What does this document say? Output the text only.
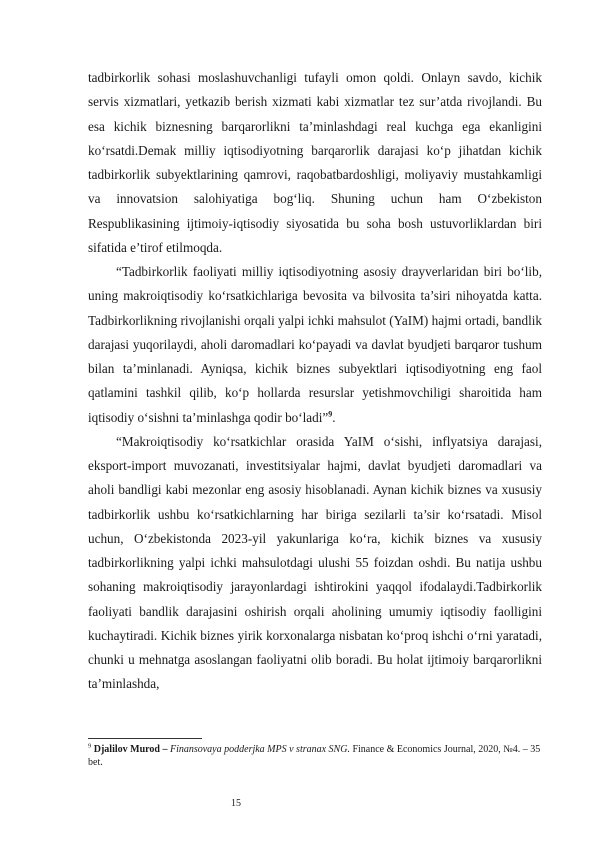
tadbirkorlik sohasi moslashuvchanligi tufayli omon qoldi. Onlayn savdo, kichik servis xizmatlari, yetkazib berish xizmati kabi xizmatlar tez sur’atda rivojlandi. Bu esa kichik biznesning barqarorlikni ta’minlashdagi real kuchga ega ekanligini ko‘rsatdi.Demak milliy iqtisodiyotning barqarorlik darajasi ko‘p jihatdan kichik tadbirkorlik subyektlarining qamrovi, raqobatbardoshligi, moliyaviy mustahkamligi va innovatsion salohiyatiga bog‘liq. Shuning uchun ham O‘zbekiston Respublikasining ijtimoiy-iqtisodiy siyosatida bu soha bosh ustuvorliklardan biri sifatida e’tirof etilmoqda.

“Tadbirkorlik faoliyati milliy iqtisodiyotning asosiy drayverlaridan biri bo‘lib, uning makroiqtisodiy ko‘rsatkichlariga bevosita va bilvosita ta’siri nihoyatda katta. Tadbirkorlikning rivojlanishi orqali yalpi ichki mahsulot (YaIM) hajmi ortadi, bandlik darajasi yuqorilaydi, aholi daromadlari ko‘payadi va davlat byudjeti barqaror tushum bilan ta’minlanadi. Ayniqsa, kichik biznes subyektlari iqtisodiyotning eng faol qatlamini tashkil qilib, ko‘p hollarda resurslar yetishmovchiligi sharoitida ham iqtisodiy o‘sishni ta’minlashga qodir bo‘ladi”$^9$.

“Makroiqtisodiy ko‘rsatkichlar orasida YaIM o‘sishi, inflyatsiya darajasi, eksport-import muvozanati, investitsiyalar hajmi, davlat byudjeti daromadlari va aholi bandligi kabi mezonlar eng asosiy hisoblanadi. Aynan kichik biznes va xususiy tadbirkorlik ushbu ko‘rsatkichlarning har biriga sezilarli ta’sir ko‘rsatadi. Misol uchun, O‘zbekistonda 2023-yil yakunlariga ko‘ra, kichik biznes va xususiy tadbirkorlikning yalpi ichki mahsulotdagi ulushi 55 foizdan oshdi. Bu natija ushbu sohaning makroiqtisodiy jarayonlardagi ishtirokini yaqqol ifodalaydi.Tadbirkorlik faoliyati bandlik darajasini oshirish orqali aholining umumiy iqtisodiy faolligini kuchaytiradi. Kichik biznes yirik korxonalarga nisbatan ko‘proq ishchi o‘rni yaratadi, chunki u mehnatga asoslangan faoliyatni olib boradi. Bu holat ijtimoiy barqarorlikni ta’minlashda,

$^9$ Djalilov Murod – Finansovaya podderjka MPS v stranax SNG. Finance & Economics Journal, 2020, №4. – 35 bet.

15
